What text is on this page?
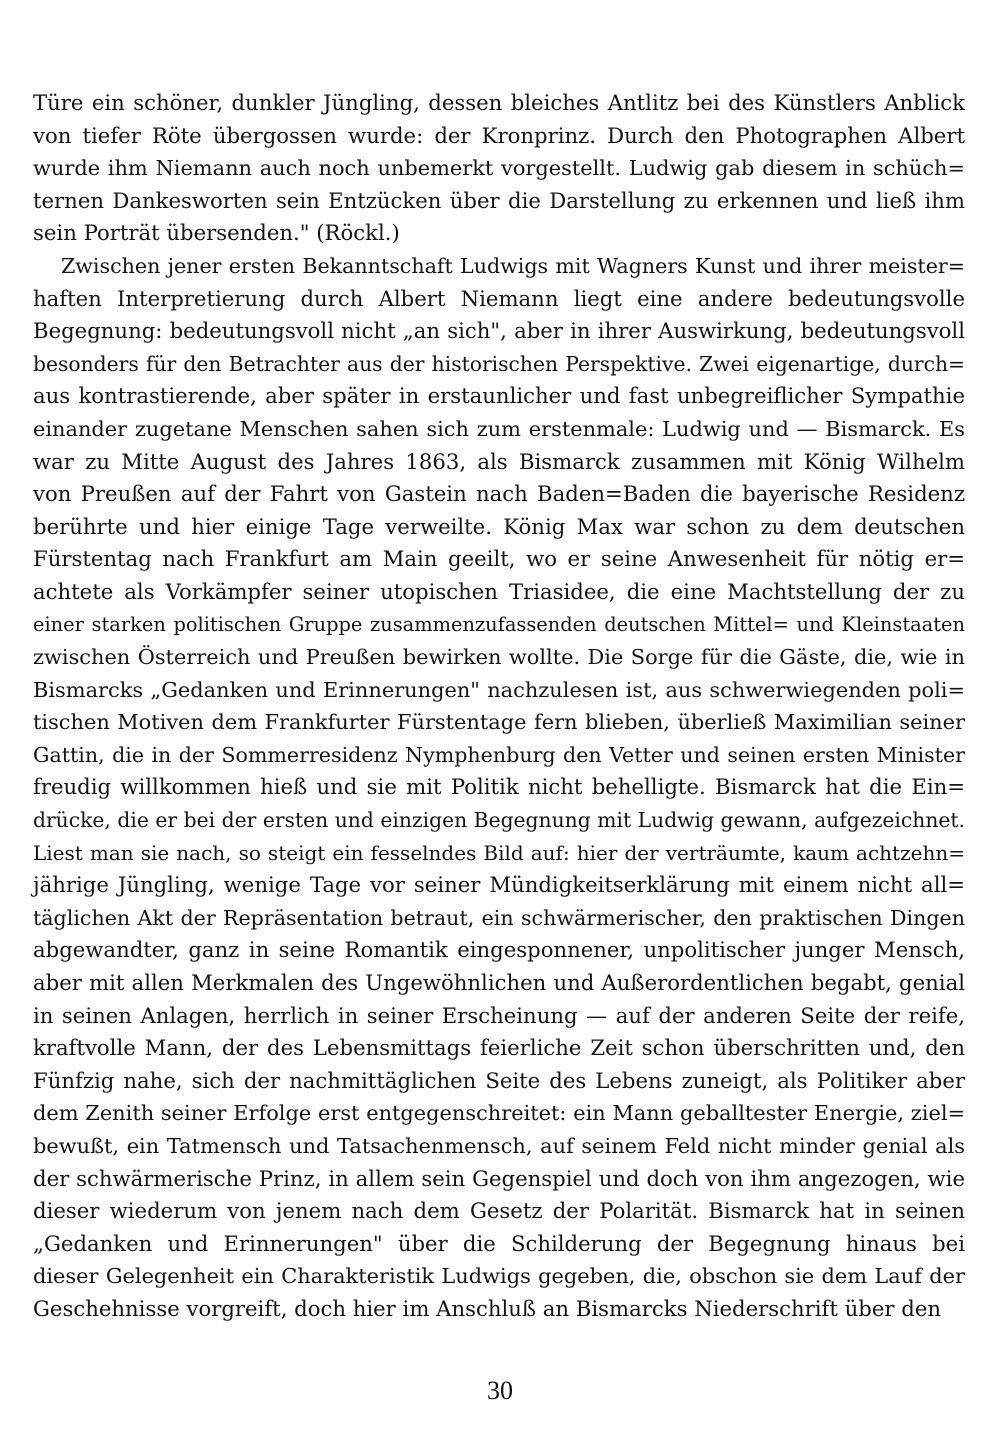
Türe ein schöner, dunkler Jüngling, dessen bleiches Antlitz bei des Künstlers Anblick
von tiefer Röte übergossen wurde: der Kronprinz. Durch den Photographen Albert
wurde ihm Niemann auch noch unbemerkt vorgestellt. Ludwig gab diesem in schüch=
ternen Dankesworten sein Entzücken über die Darstellung zu erkennen und ließ ihm
sein Porträt übersenden." (Röckl.)
Zwischen jener ersten Bekanntschaft Ludwigs mit Wagners Kunst und ihrer meister=
haften Interpretierung durch Albert Niemann liegt eine andere bedeutungsvolle
Begegnung: bedeutungsvoll nicht „an sich", aber in ihrer Auswirkung, bedeutungsvoll
besonders für den Betrachter aus der historischen Perspektive. Zwei eigenartige, durch=
aus kontrastierende, aber später in erstaunlicher und fast unbegreiflicher Sympathie
einander zugetane Menschen sahen sich zum erstenmale: Ludwig und — Bismarck. Es
war zu Mitte August des Jahres 1863, als Bismarck zusammen mit König Wilhelm
von Preußen auf der Fahrt von Gastein nach Baden=Baden die bayerische Residenz
berührte und hier einige Tage verweilte. König Max war schon zu dem deutschen
Fürstentag nach Frankfurt am Main geeilt, wo er seine Anwesenheit für nötig er=
achtete als Vorkämpfer seiner utopischen Triasidee, die eine Machtstellung der zu
einer starken politischen Gruppe zusammenzufassenden deutschen Mittel= und Kleinstaaten
zwischen Österreich und Preußen bewirken wollte. Die Sorge für die Gäste, die, wie in
Bismarcks „Gedanken und Erinnerungen" nachzulesen ist, aus schwerwiegenden poli=
tischen Motiven dem Frankfurter Fürstentage fern blieben, überließ Maximilian seiner
Gattin, die in der Sommerresidenz Nymphenburg den Vetter und seinen ersten Minister
freudig willkommen hieß und sie mit Politik nicht behelligte. Bismarck hat die Ein=
drücke, die er bei der ersten und einzigen Begegnung mit Ludwig gewann, aufgezeichnet.
Liest man sie nach, so steigt ein fesselndes Bild auf: hier der verträumte, kaum achtzehn=
jährige Jüngling, wenige Tage vor seiner Mündigkeitserklärung mit einem nicht all=
täglichen Akt der Repräsentation betraut, ein schwärmerischer, den praktischen Dingen
abgewandter, ganz in seine Romantik eingesponnener, unpolitischer junger Mensch,
aber mit allen Merkmalen des Ungewöhnlichen und Außerordentlichen begabt, genial
in seinen Anlagen, herrlich in seiner Erscheinung — auf der anderen Seite der reife,
kraftvolle Mann, der des Lebensmittags feierliche Zeit schon überschritten und, den
Fünfzig nahe, sich der nachmittäglichen Seite des Lebens zuneigt, als Politiker aber
dem Zenith seiner Erfolge erst entgegenschreitet: ein Mann geballtester Energie, ziel=
bewußt, ein Tatmensch und Tatsachenmensch, auf seinem Feld nicht minder genial als
der schwärmerische Prinz, in allem sein Gegenspiel und doch von ihm angezogen, wie
dieser wiederum von jenem nach dem Gesetz der Polarität. Bismarck hat in seinen
„Gedanken und Erinnerungen" über die Schilderung der Begegnung hinaus bei
dieser Gelegenheit ein Charakteristik Ludwigs gegeben, die, obschon sie dem Lauf der
Geschehnisse vorgreift, doch hier im Anschluß an Bismarcks Niederschrift über den
30
